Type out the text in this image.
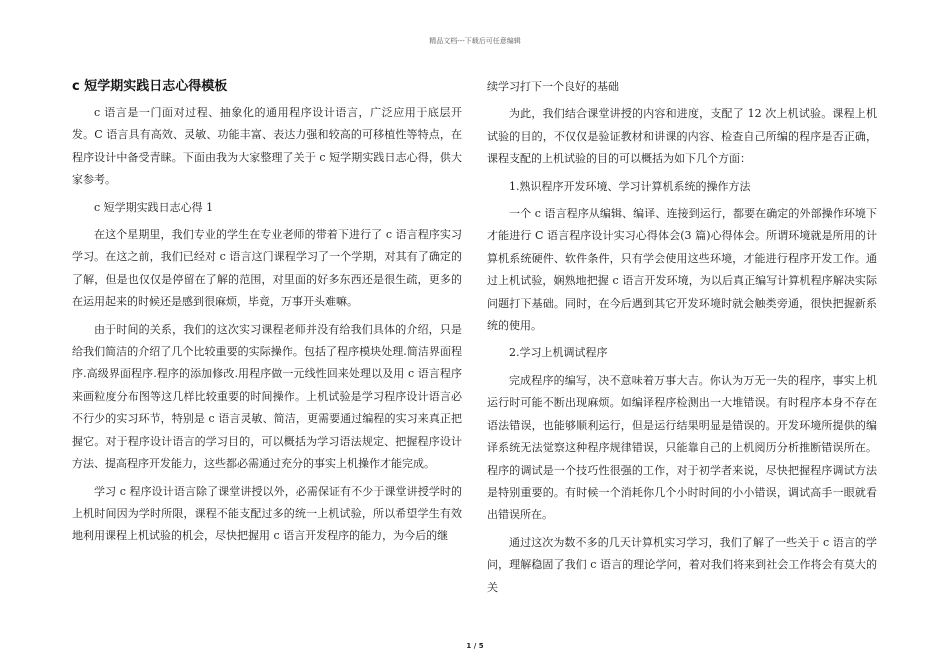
精品文档---下载后可任意编辑
c 短学期实践日志心得模板

c 语言是一门面对过程、抽象化的通用程序设计语言，广泛应用于底层开发。C 语言具有高效、灵敏、功能丰富、表达力强和较高的可移植性等特点，在程序设计中备受青睐。下面由我为大家整理了关于 c 短学期实践日志心得，供大家参考。

c 短学期实践日志心得 1

在这个星期里，我们专业的学生在专业老师的带着下进行了 c 语言程序实习学习。在这之前，我们已经对 c 语言这门课程学习了一个学期，对其有了确定的了解，但是也仅仅是停留在了解的范围，对里面的好多东西还是很生疏，更多的在运用起来的时候还是感到很麻烦，毕竟，万事开头难嘛。

由于时间的关系，我们的这次实习课程老师并没有给我们具体的介绍，只是给我们简洁的介绍了几个比较重要的实际操作。包括了程序模块处理.简洁界面程序.高级界面程序.程序的添加修改.用程序做一元线性回来处理以及用 c 语言程序来画粒度分布图等这几样比较重要的时间操作。上机试验是学习程序设计语言必不行少的实习环节，特别是 c 语言灵敏、简洁，更需要通过编程的实习来真正把握它。对于程序设计语言的学习目的，可以概括为学习语法规定、把握程序设计方法、提高程序开发能力，这些都必需通过充分的事实上机操作才能完成。

学习 c 程序设计语言除了课堂讲授以外，必需保证有不少于课堂讲授学时的上机时间因为学时所限，课程不能支配过多的统一上机试验，所以希望学生有效地利用课程上机试验的机会，尽快把握用 c 语言开发程序的能力，为今后的继

续学习打下一个良好的基础

为此，我们结合课堂讲授的内容和进度，支配了 12 次上机试验。课程上机试验的目的，不仅仅是验证教材和讲课的内容、检查自己所编的程序是否正确，课程支配的上机试验的目的可以概括为如下几个方面：

1.熟识程序开发环境、学习计算机系统的操作方法

一个 c 语言程序从编辑、编译、连接到运行，都要在确定的外部操作环境下才能进行 C 语言程序设计实习心得体会(3 篇)心得体会。所谓环境就是所用的计算机系统硬件、软件条件，只有学会使用这些环境，才能进行程序开发工作。通过上机试验，娴熟地把握 c 语言开发环境，为以后真正编写计算机程序解决实际问题打下基础。同时，在今后遇到其它开发环境时就会触类旁通，很快把握新系统的使用。

2.学习上机调试程序

完成程序的编写，决不意味着万事大吉。你认为万无一失的程序，事实上机运行时可能不断出现麻烦。如编译程序检测出一大堆错误。有时程序本身不存在语法错误，也能够顺利运行，但是运行结果明显是错误的。开发环境所提供的编译系统无法觉察这种程序规律错误，只能靠自己的上机阅历分析推断错误所在。程序的调试是一个技巧性很强的工作，对于初学者来说，尽快把握程序调试方法是特别重要的。有时候一个消耗你几个小时时间的小小错误，调试高手一眼就看出错误所在。

通过这次为数不多的几天计算机实习学习，我们了解了一些关于 c 语言的学问，理解稳固了我们 c 语言的理论学问，着对我们将来到社会工作将会有莫大的关

1 / 5
